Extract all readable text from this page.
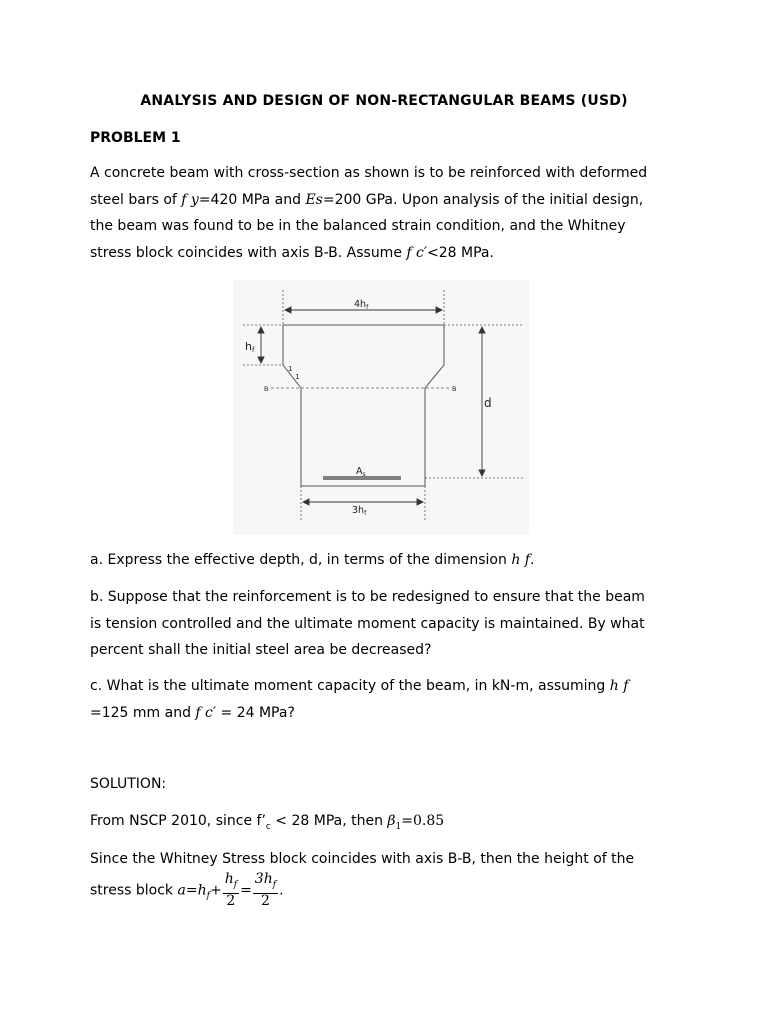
ANALYSIS AND DESIGN OF NON-RECTANGULAR BEAMS (USD)
PROBLEM 1
A concrete beam with cross-section as shown is to be reinforced with deformed
steel bars of f y=420 MPa and Es=200 GPa. Upon analysis of the initial design,
the beam was found to be in the balanced strain condition, and the Whitney
stress block coincides with axis B-B. Assume f c′<28 MPa.
$4h_f$
hf
1
1
B	B
d
$A_s$
$3h_f$
a. Express the effective depth, d, in terms of the dimension h f.
b. Suppose that the reinforcement is to be redesigned to ensure that the beam
is tension controlled and the ultimate moment capacity is maintained. By what
percent shall the initial steel area be decreased?
c. What is the ultimate moment capacity of the beam, in kN-m, assuming h f
=125 mm and f c′ = 24 MPa?
SOLUTION:
From NSCP 2010, since $f’_c < 28$ MPa, then $\beta_1=0.85$
Since the Whitney Stress block coincides with axis B-B, then the height of the
stress block $a=h_f+ \frac{h_f}{2} = \frac{3h_f}{2}$ .
